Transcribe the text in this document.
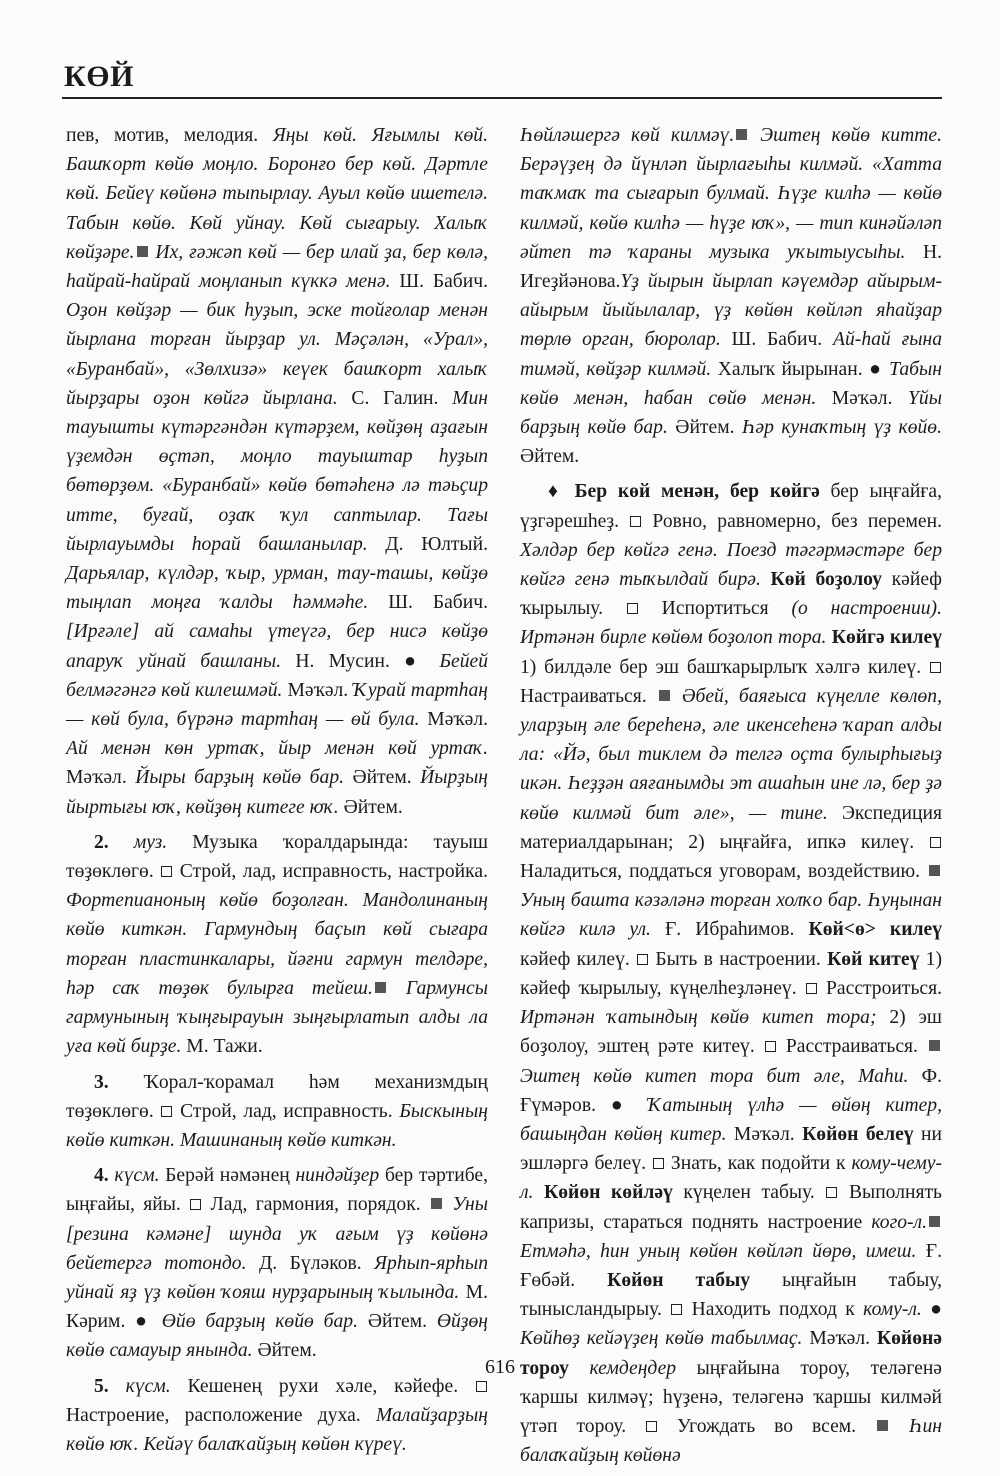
КӨЙ

пев, мотив, мелодия. Яңы көй. Яғымлы көй. Башҡорт көйө моңло. Боронғо бер көй. Дәртле көй. Бейеү көйөнә тыпырлау. Ауыл көйө ишетелә. Табын көйө. Көй уйнау. Көй сығарыу. Халыҡ көйҙәре. Их, ғәжәп көй — бер илай ҙа, бер көлә, һайрай-һайрай моңланып күккә менә. Ш. Бабич. Оҙон көйҙәр — бик һуҙып, эске тойғолар менән йырлана торған йырҙар ул. Мәҫәлән, «Урал», «Буранбай», «Зөлхизә» кеүек башҡорт халыҡ йырҙары оҙон көйгә йырлана. С. Галин. Мин тауышты күтәргәндән күтәрҙем, көйҙөң аҙағын үҙемдән өҫтәп, моңло тауыштар һуҙып бөтөрҙөм. «Буранбай» көйө бөтәһенә лә тәьҫир итте, буғай, оҙаҡ ҡул саптылар. Тағы йырлауымды һорай башланылар. Д. Юлтый. Дарьялар, күлдәр, ҡыр, урман, тау-ташы, көйҙө тыңлап моңға ҡалды һәммәһе. Ш. Бабич. [Ирғәле] ай самаһы үтеүгә, бер нисә көйҙө апаруҡ уйнай башланы. Н. Мусин. ● Бейей белмәгәнгә көй килешмәй. Мәҡәл. Ҡурай тартһаң — көй була, бүрәнә тартһаң — өй була. Мәҡәл. Ай менән көн уртаҡ, йыр менән көй уртаҡ. Мәҡәл. Йыры барҙың көйө бар. Әйтем. Йырҙың йыртығы юҡ, көйҙөң китеге юҡ. Әйтем.

2. муз. Музыка ҡоралдарында: тауыш төҙөклөгө.  Строй, лад, исправность, настройка. Фортепианоның көйө боҙолған. Мандолинаның көйө киткән. Гармундың баҫып көй сығара торған пластинкалары, йәғни гармун телдәре, һәр саҡ төҙөк булырға тейеш. Гармунсы гармунының ҡыңғырауын зыңғырлатып алды ла уға көй бирҙе. М. Тажи.

3. Ҡорал-ҡорамал һәм механизмдың төҙөклөгө.  Строй, лад, исправность. Быскының көйө киткән. Машинаның көйө киткән.

4. күсм. Берәй нәмәнең ниндәйҙер бер тәртибе, ыңғайы, яйы.  Лад, гармония, порядок.  Уны [резина кәмәне] шунда уҡ ағым үҙ көйөнә бейетергә тотондо. Д. Бүләков. Ярһып-ярһып уйнай яҙ үҙ көйөн ҡояш нурҙарының ҡылында. М. Кәрим. ● Өйө барҙың көйө бар. Әйтем. Өйҙөң көйө самауыр янында. Әйтем.

5. күсм. Кешенең рухи хәле, кәйефе.  Настроение, расположение духа. Малайҙарҙың көйө юҡ. Кейәү балаҡайҙың көйөн күреү.

Һөйләшергә көй килмәү. Эштең көйө китте. Берәүҙең дә йүнләп йырлағыһы килмәй. «Хатта таҡмаҡ та сығарып булмай. Һүҙе килһә — көйө килмәй, көйө килһә — һүҙе юҡ», — тип кинәйәләп әйтеп тә ҡараны музыка уҡытыусыһы. Н. Игеҙйәнова.Үҙ йырын йырлап кәүемдәр айырым-айырым йыйылалар, үҙ көйөн көйләп яһайҙар төрлө орган, бюролар. Ш. Бабич. Ай-һай ғына тимәй, көйҙәр килмәй. Халыҡ йырынан. ● Табын көйө менән, һабан сөйө менән. Мәҡәл. Үйы барҙың көйө бар. Әйтем. Һәр кунаҡтың үҙ көйө. Әйтем.

♦ Бер көй менән, бер көйгә бер ыңғайға, үҙгәрешһеҙ.  Ровно, равномерно, без перемен. Хәлдәр бер көйгә генә. Поезд тәгәрмәстәре бер көйгә генә тыҡылдай бирә. Көй боҙолоу кәйеф ҡырылыу.  Испортиться (о настроении). Иртәнән бирле көйөм боҙолоп тора. Көйгә килеү 1) билдәле бер эш башҡарырлыҡ хәлгә килеү.  Настраиваться.  Әбей, баяғыса күңелле көлөп, уларҙың әле береһенә, әле икенсеһенә ҡарап алды ла: «Йә, был тиклем дә телгә оҫта булырһығыҙ икән. Һеҙҙән аяғанымды эт ашаһын ине лә, бер ҙә көйө килмәй бит әле», — тине. Экспедиция материалдарынан; 2) ыңғайға, ипкә килеү.  Наладиться, поддаться уговорам, воздействию.  Уның башта кәзәләнә торған холҡо бар. Һуңынан көйгә килә ул. Ғ. Ибраһимов. Көй<ө> килеү кәйеф килеү.  Быть в настроении. Көй китеү 1) кәйеф ҡырылыу, күңелһеҙләнеү.  Расстроиться. Иртәнән ҡатындың көйө китеп тора; 2) эш боҙолоу, эштең рәте китеү.  Расстраиваться.  Эштең көйө китеп тора бит әле, Маһи. Ф. Ғүмәров. ● Ҡатының үлһә — өйөң китер, башыңдан көйөң китер. Мәҡәл. Көйөн белеү ни эшләргә белеү.  Знать, как подойти к кому-чему-л. Көйөн көйләү күңелен табыу.  Выполнять капризы, стараться поднять настроение кого-л. Етмәһә, һин уның көйөн көйләп йөрө, имеш. Ғ. Ғөбәй. Көйөн табыу ыңғайын табыу, тынысландырыу.  Находить подход к кому-л. ● Көйһөҙ кейәүҙең көйө табылмаҫ. Мәҡәл. Көйөнә тороу кемдеңдер ыңғайына тороу, теләгенә ҡаршы килмәү; һүҙенә, теләгенә ҡаршы килмәй үтәп тороу.  Угождать во всем.  Һин балаҡайҙың көйөнә

616
